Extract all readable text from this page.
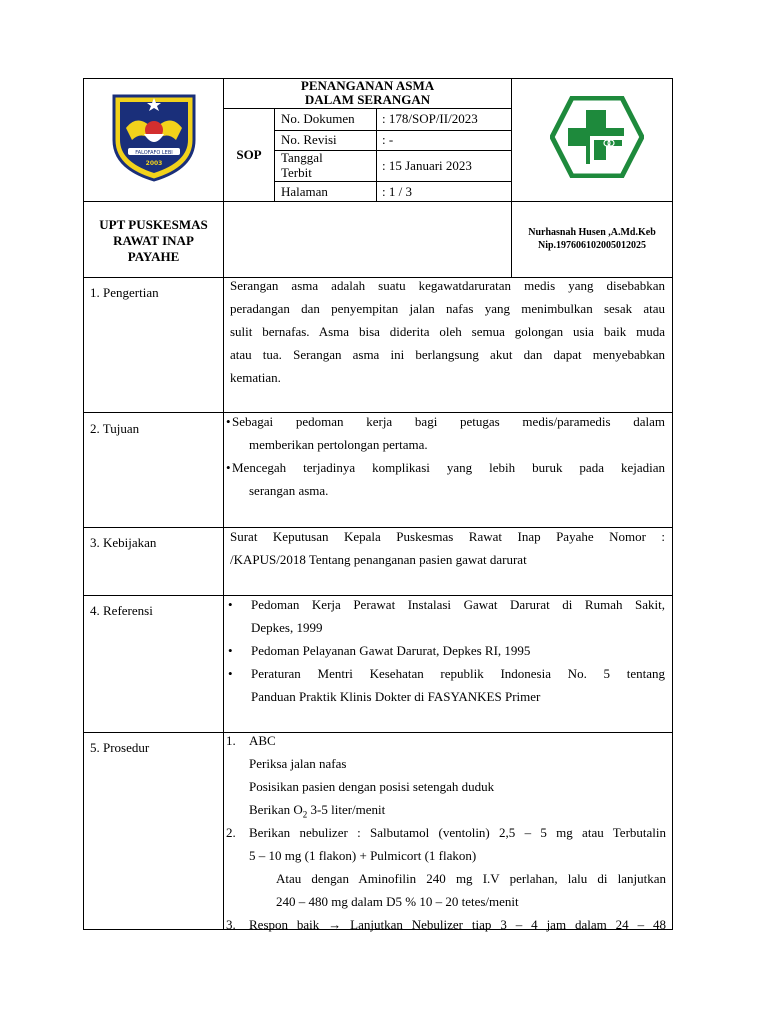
FALOFAFO LEBI
2003
PENANGANAN ASMA
DALAM SERANGAN
SOP
No. Dokumen : 178/SOP/II/2023
No. Revisi	: -
Tanggal
Terbit	: 15 Januari 2023
Halaman	: 1 / 3
UPT PUSKESMAS
RAWAT INAP
PAYAHE
Nurhasnah Husen ,A.Md.Keb
Nip.197606102005012025
1. Pengertian	Serangan asma adalah suatu kegawatdaruratan medis yang disebabkan
peradangan dan penyempitan jalan nafas yang menimbulkan sesak atau
sulit bernafas. Asma bisa diderita oleh semua golongan usia baik muda
atau tua. Serangan asma ini berlangsung akut dan dapat menyebabkan
kematian.
2. Tujuan	• Sebagai pedoman kerja bagi petugas medis/paramedis dalam
memberikan pertolongan pertama.
• Mencegah terjadinya komplikasi yang lebih buruk pada kejadian
serangan asma.
3. Kebijakan	Surat Keputusan Kepala Puskesmas Rawat Inap Payahe Nomor :
/KAPUS/2018 Tentang penanganan pasien gawat darurat
4. Referensi	• Pedoman Kerja Perawat Instalasi Gawat Darurat di Rumah Sakit,
Depkes, 1999
• Pedoman Pelayanan Gawat Darurat, Depkes RI, 1995
• Peraturan Mentri Kesehatan republik Indonesia No. 5 tentang
Panduan Praktik Klinis Dokter di FASYANKES Primer
5. Prosedur	1.	ABC
Periksa jalan nafas
Posisikan pasien dengan posisi setengah duduk
Berikan $O_2$ 3-5 liter/menit
2.	Berikan nebulizer : Salbutamol (ventolin) 2,5 – 5 mg atau Terbutalin
5 – 10 mg (1 flakon) + Pulmicort (1 flakon)
Atau dengan Aminofilin 240 mg I.V perlahan, lalu di lanjutkan
240 – 480 mg dalam D5 % 10 – 20 tetes/menit
3.	Respon baik → Lanjutkan Nebulizer tiap 3 – 4 jam dalam 24 – 48
